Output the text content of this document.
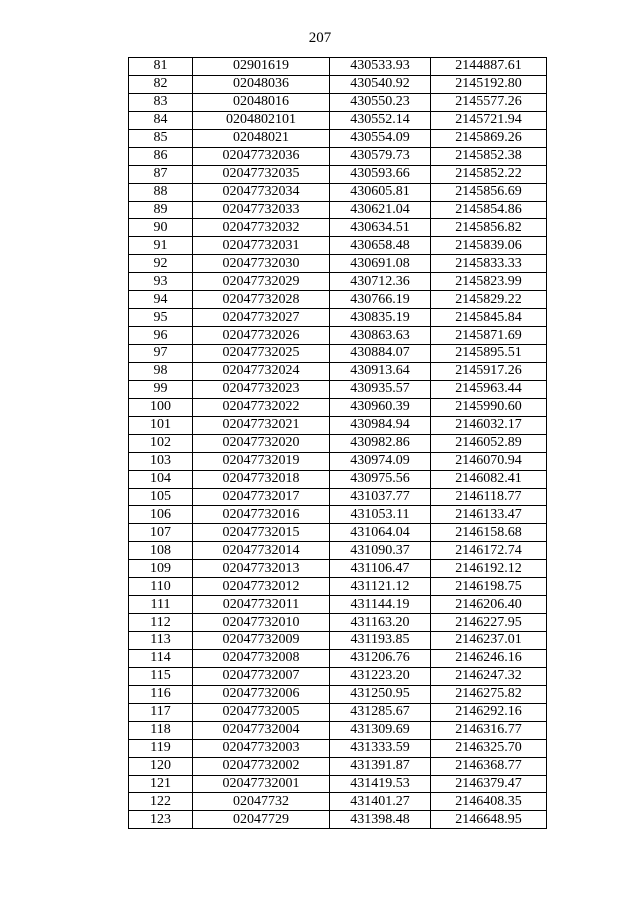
207
81	02901619	430533.93	2144887.61
82	02048036	430540.92	2145192.80
83	02048016	430550.23	2145577.26
84	0204802101	430552.14	2145721.94
85	02048021	430554.09	2145869.26
86	02047732036	430579.73	2145852.38
87	02047732035	430593.66	2145852.22
88	02047732034	430605.81	2145856.69
89	02047732033	430621.04	2145854.86
90	02047732032	430634.51	2145856.82
91	02047732031	430658.48	2145839.06
92	02047732030	430691.08	2145833.33
93	02047732029	430712.36	2145823.99
94	02047732028	430766.19	2145829.22
95	02047732027	430835.19	2145845.84
96	02047732026	430863.63	2145871.69
97	02047732025	430884.07	2145895.51
98	02047732024	430913.64	2145917.26
99	02047732023	430935.57	2145963.44
100	02047732022	430960.39	2145990.60
101	02047732021	430984.94	2146032.17
102	02047732020	430982.86	2146052.89
103	02047732019	430974.09	2146070.94
104	02047732018	430975.56	2146082.41
105	02047732017	431037.77	2146118.77
106	02047732016	431053.11	2146133.47
107	02047732015	431064.04	2146158.68
108	02047732014	431090.37	2146172.74
109	02047732013	431106.47	2146192.12
110	02047732012	431121.12	2146198.75
111	02047732011	431144.19	2146206.40
112	02047732010	431163.20	2146227.95
113	02047732009	431193.85	2146237.01
114	02047732008	431206.76	2146246.16
115	02047732007	431223.20	2146247.32
116	02047732006	431250.95	2146275.82
117	02047732005	431285.67	2146292.16
118	02047732004	431309.69	2146316.77
119	02047732003	431333.59	2146325.70
120	02047732002	431391.87	2146368.77
121	02047732001	431419.53	2146379.47
122	02047732	431401.27	2146408.35
123	02047729	431398.48	2146648.95
